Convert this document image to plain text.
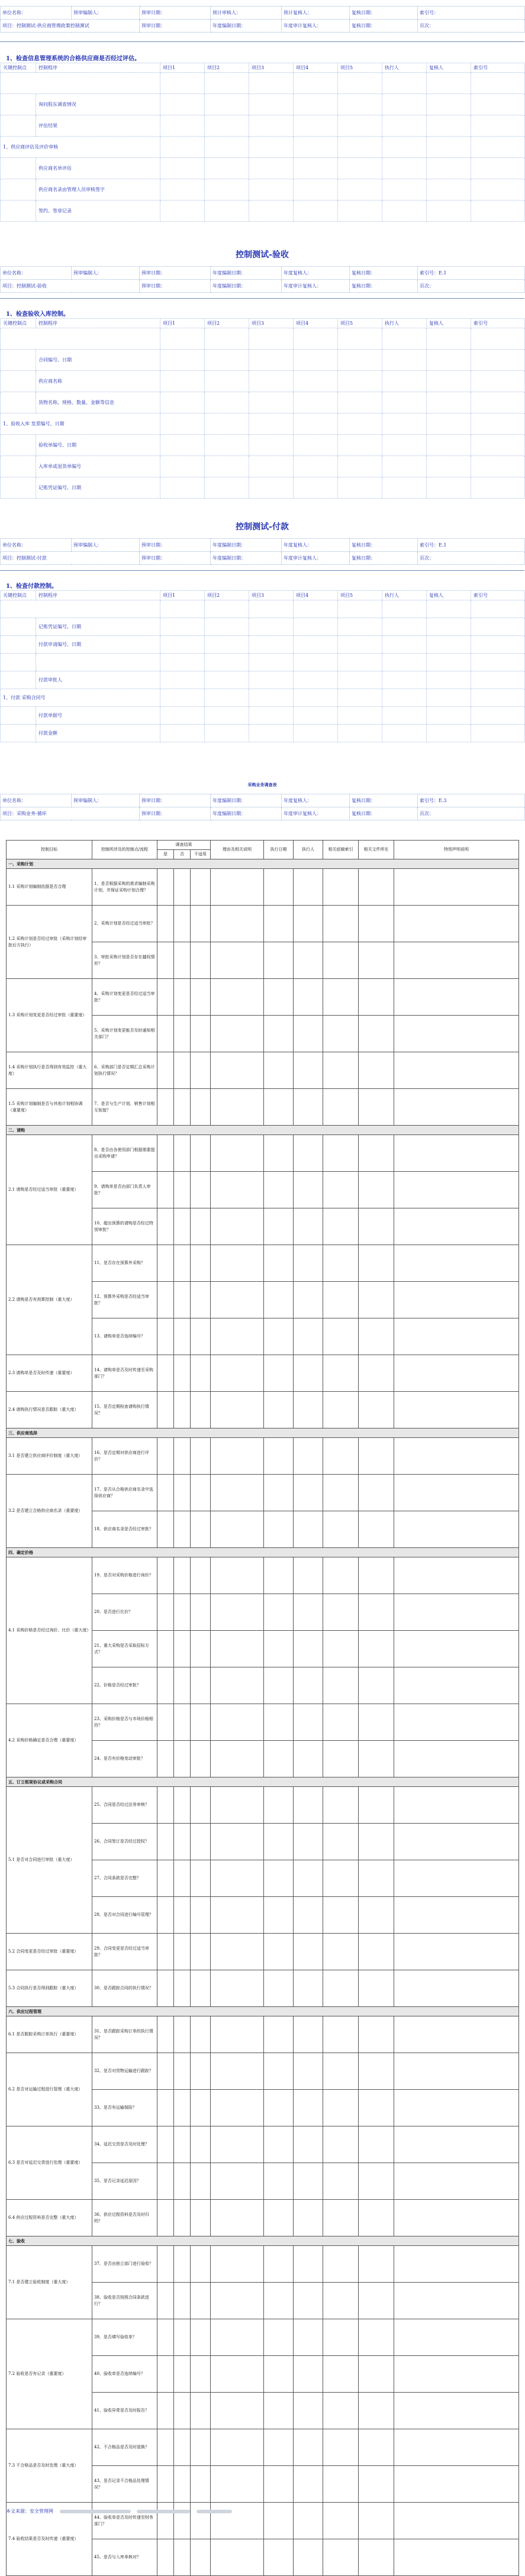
单位名称：	预审编制人：	预审日期：	预计审核人：	预计复核人：	复核日期：	索引号：
项目：控制测试-供应商管理政策控制测试		预审日期：	年度编制日期：	年度审计复核人：	复核日期：	页次：
1、检查信息管理系统的合格供应商是否经过评估。
关键控制点	控制程序	项目1	项目2	项目3	项目4	项目5	执行人	复核人	索引号

	询问股东调查情况								
	评估结果								
1、供应商评估及评价审核									
	供应商名单评估								
	供应商名录由管理人员审核签字								
	签约、签章记录								
控制测试-验收
单位名称：	预审编制人：	预审日期：	年度编制日期：	年度复核人：	复核日期：	索引号：E.1
项目：控制测试-验收		预审日期：	年度编制日期：	年度审计复核人：	复核日期：	页次：
1、检查验收入库控制。
关键控制点	控制程序	项目1	项目2	项目3	项目4	项目5	执行人	复核人	索引号

	合同编号、日期								
	供应商名称								
	货物名称、规格、数量、金额等信息								
1、验收入库 发票编号、日期									
	验收单编号、日期								
	入库单或退货单编号								
	记账凭证编号、日期								
控制测试-付款
单位名称：	预审编制人：	预审日期：	年度编制日期：	年度复核人：	复核日期：	索引号：E.1
项目：控制测试-付款		预审日期：	年度编制日期：	年度审计复核人：	复核日期：	页次：
1、检查付款控制。
关键控制点	控制程序	项目1	项目2	项目3	项目4	项目5	执行人	复核人	索引号

	记账凭证编号、日期								
	付款申请编号、日期								

	付款审批人								
1、付款 采购合同号									
	付款单据号								
	付款金额								
采购业务调查表
单位名称：	预审编制人：	预审日期：	年度编制日期：	年度复核人：	复核日期：	索引号：E.3
项目：采购业务-循环		预审日期：	年度编制日期：	年度审计复核人：	复核日期：	页次：
控制目标	控制所涉及的控制点/流程	调查结果			理由及相关说明	执行日期	执行人	相关底稿索引	相关文件所在	特别声明说明
		是	否	不适用						
一、采购计划										
1.1 采购计划编制依据是否合理	1、是否根据采购的需求编制采购计划，并保证采购计划合理？									
1.2 采购计划是否经过审批（采购计划经审批后方执行）	2、采购计划是否经过适当审批？									
	3、审批采购计划是否存在越权情形？									
1.3 采购计划变更是否经过审批（重要度）	4、采购计划变更是否经过适当审批？									
	5、采购计划变更能否及时通知相关部门？									
1.4 采购计划执行是否得到有效监控（重大度）	6、采购部门是否定期汇总采购计划执行情况？									
1.5 采购计划编制是否与其他计划相协调（重要度）	7、是否与生产计划、销售计划相互衔接？									
二、请购										
2.1 请购是否经过适当审批（重要度）	8、是否由各使用部门根据需要提出采购申请？									
	9、请购单是否由部门负责人审批？									
	10、超出预算的请购是否经过特别审批？									
2.2 请购是否有预算控制（重大度）	11、是否存在预算外采购？									
	12、预算外采购是否经适当审批？									
	13、请购单是否连续编号？									
2.3 请购单是否及时传递（重要度）	14、请购单是否及时传递至采购部门？									
2.4 请购执行情况是否跟踪（重大度）	15、是否定期检查请购执行情况？									
三、供应商选择										
3.1 是否建立供应商评价制度（重大度）	16、是否定期对供应商进行评价？									
3.2 是否建立合格供应商名录（重要度）	17、是否从合格供应商名录中选择供应商？									
	18、供应商名录是否经过审批？									
四、确定价格										
4.1 采购价格是否经过询价、比价（重大度）	19、是否对采购价格进行询价？									
	20、是否进行比价？									
	21、重大采购是否采取招标方式？									
	22、价格是否经过审批？									
4.2 采购价格确定是否合理（重要度）	23、采购价格是否与市场价格相符？									
	24、是否有价格变动审批？									
五、订立框架协议或采购合同										
5.1 是否对合同进行审批（重大度）	25、合同是否经过法务审核？									
	26、合同签订是否经过授权？									
	27、合同条款是否完整？									
	28、是否对合同进行编号管理？									
5.2 合同变更是否经过审批（重要度）	29、合同变更是否经过适当审批？									
5.3 合同执行是否得到跟踪（重大度）	30、是否跟踪合同的执行情况？									
六、供应过程管理										
6.1 是否跟踪采购订单执行（重要度）	31、是否跟踪采购订单的执行情况？									
6.2 是否对运输过程进行管理（重大度）	32、是否对货物运输进行跟踪？									
	33、是否有运输保险？									
6.3 是否对延迟交货进行处理（重要度）	34、延迟交货是否及时处理？									
	35、是否记录延迟原因？									
6.4 供应过程资料是否完整（重大度）	36、供应过程资料是否及时归档？									
七、验收										
7.1 是否建立验收制度（重大度）	37、是否由独立部门进行验收？									
	38、验收是否按照合同条款进行？									
7.2 验收是否有记录（重要度）	39、是否填写验收单？									
	40、验收单是否连续编号？									
	41、验收异常是否及时报告？									
7.3 不合格品是否及时处理（重大度）	42、不合格品是否及时退换？									
	43、是否记录不合格品处理情况？									
7.4 验收结果是否及时传递（重要度）	44、验收单是否及时传递至财务部门？									
	45、是否与入库单核对？									
本文来源：安全管理网
